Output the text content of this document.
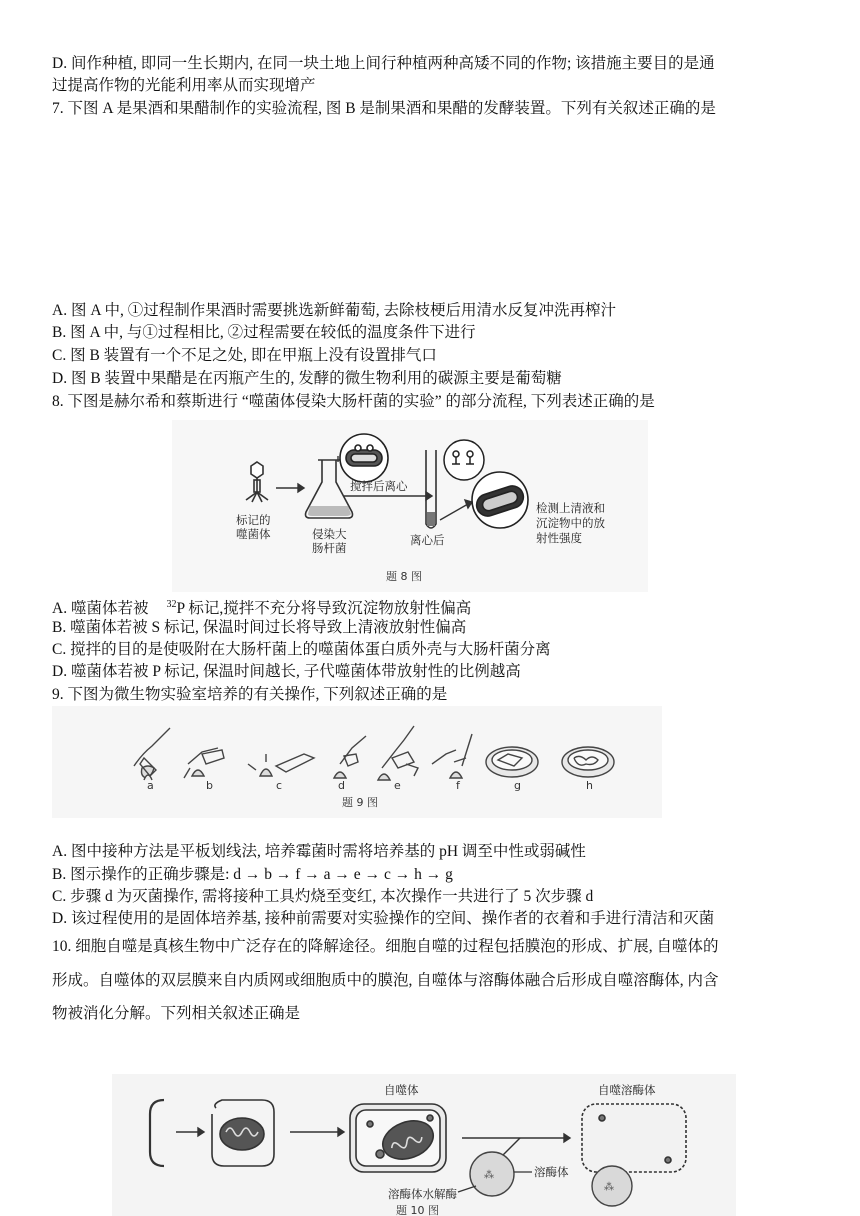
D. 间作种植, 即同一生长期内, 在同一块土地上间行种植两种高矮不同的作物; 该措施主要目的是通
过提高作物的光能利用率从而实现增产
7. 下图 A 是果酒和果醋制作的实验流程, 图 B 是制果酒和果醋的发酵装置。下列有关叙述正确的是
A. 图 A 中, ①过程制作果酒时需要挑选新鲜葡萄, 去除枝梗后用清水反复冲洗再榨汁
B. 图 A 中, 与①过程相比, ②过程需要在较低的温度条件下进行
C. 图 B 装置有一个不足之处, 即在甲瓶上没有设置排气口
D. 图 B 装置中果醋是在丙瓶产生的, 发酵的微生物利用的碳源主要是葡萄糖
8. 下图是赫尔希和蔡斯进行 “噬菌体侵染大肠杆菌的实验” 的部分流程, 下列表述正确的是
标记的
噬菌体	侵染大
肠杆菌
搅拌后离心
离心后
检测上清液和
沉淀物中的放
射性强度
题 8 图
A. 噬菌体若被 $^{32}$P 标记,搅拌不充分将导致沉淀物放射性偏高
B. 噬菌体若被 S 标记, 保温时间过长将导致上清液放射性偏高
C. 搅拌的目的是使吸附在大肠杆菌上的噬菌体蛋白质外壳与大肠杆菌分离
D. 噬菌体若被 P 标记, 保温时间越长, 子代噬菌体带放射性的比例越高
9. 下图为微生物实验室培养的有关操作, 下列叙述正确的是
a	b	c	d	e	f	g	h
题 9 图
A. 图中接种方法是平板划线法, 培养霉菌时需将培养基的 pH 调至中性或弱碱性
B. 图示操作的正确步骤是: d → b → f → a → e → c → h → g
C. 步骤 d 为灭菌操作, 需将接种工具灼烧至变红, 本次操作一共进行了 5 次步骤 d
D. 该过程使用的是固体培养基, 接种前需要对实验操作的空间、操作者的衣着和手进行清洁和灭菌
10. 细胞自噬是真核生物中广泛存在的降解途径。细胞自噬的过程包括膜泡的形成、扩展, 自噬体的
形成。自噬体的双层膜来自内质网或细胞质中的膜泡, 自噬体与溶酶体融合后形成自噬溶酶体, 内含
物被消化分解。下列相关叙述正确是
自噬体
⁂	溶酶体
溶酶体水解酶
自噬溶酶体
⁂
题 10 图
